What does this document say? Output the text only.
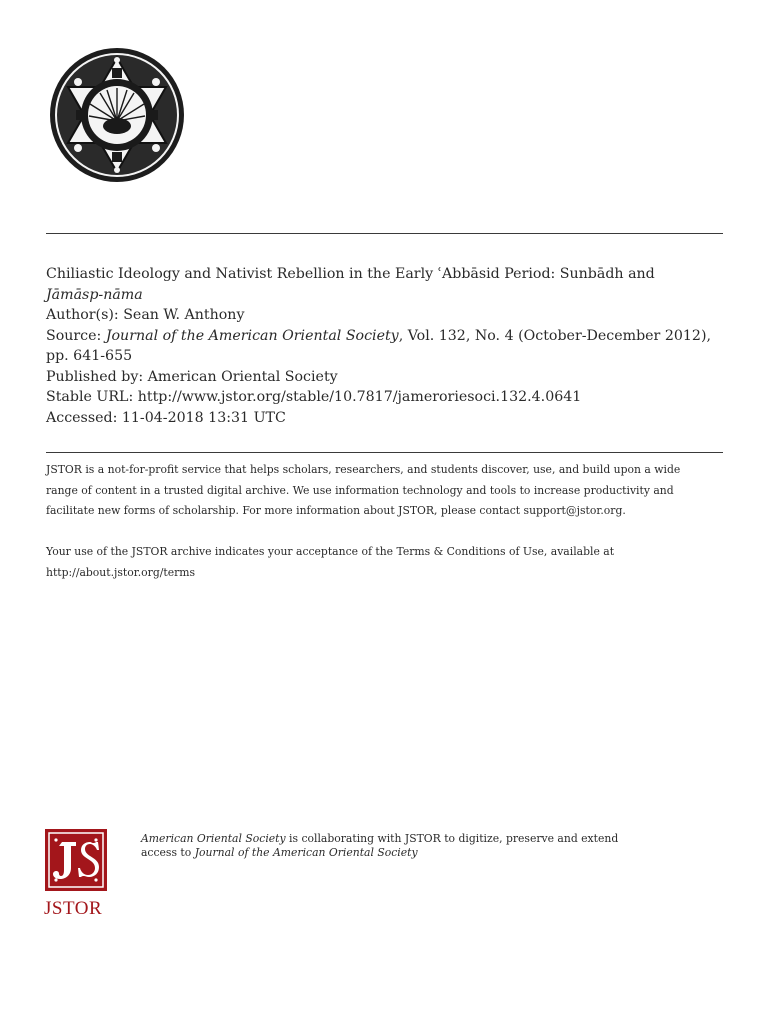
Chiliastic Ideology and Nativist Rebellion in the Early ʿAbbāsid Period: Sunbādh and
Jāmāsp-nāma
Author(s): Sean W. Anthony
Source: Journal of the American Oriental Society, Vol. 132, No. 4 (October-December 2012),
pp. 641-655
Published by: American Oriental Society
Stable URL: http://www.jstor.org/stable/10.7817/jameroriesoci.132.4.0641
Accessed: 11-04-2018 13:31 UTC
JSTOR is a not-for-profit service that helps scholars, researchers, and students discover, use, and build upon a wide
range of content in a trusted digital archive. We use information technology and tools to increase productivity and
facilitate new forms of scholarship. For more information about JSTOR, please contact support@jstor.org.
Your use of the JSTOR archive indicates your acceptance of the Terms & Conditions of Use, available at
http://about.jstor.org/terms
JSTOR
American Oriental Society is collaborating with JSTOR to digitize, preserve and extend
access to Journal of the American Oriental Society
